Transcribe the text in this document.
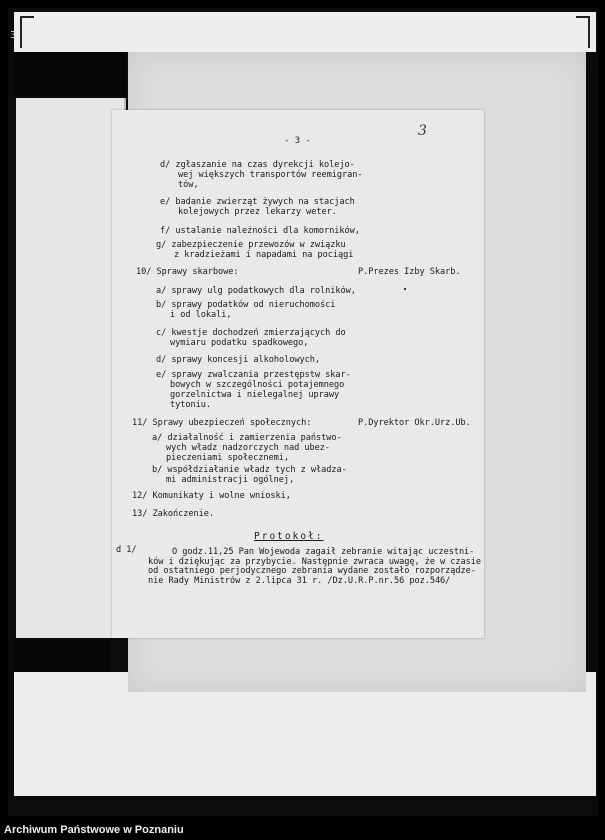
3
- 3 -
3
d/ zgłaszanie na czas dyrekcji kolejo-
wej większych transportów reemigran-
tów,
e/ badanie zwierząt żywych na stacjach
kolejowych przez lekarzy weter.
f/ ustalanie należności dla komorników,
g/ zabezpieczenie przewozów w związku
z kradzieżami i napadami na pociągi
10/ Sprawy skarbowe:	P.Prezes Izby Skarb.
a/ sprawy ulg podatkowych dla rolników,
b/ sprawy podatków od nieruchomości
i od lokali,
c/ kwestje dochodzeń zmierzających do
wymiaru podatku spadkowego,
d/ sprawy koncesji alkoholowych,
e/ sprawy zwalczania przestępstw skar-
bowych w szczególności potajemnego
gorzelnictwa i nielegalnej uprawy
tytoniu.
11/ Sprawy ubezpieczeń społecznych:	P.Dyrektor Okr.Urz.Ub.
a/ działalność i zamierzenia państwo-
wych władz nadzorczych nad ubez-
pieczeniami społecznemi,
b/ współdziałanie władz tych z władza-
mi administracji ogólnej,
12/ Komunikaty i wolne wnioski,
13/ Zakończenie.
Protokoł:
d 1/	O godz.11,25 Pan Wojewoda zagaił zebranie witając uczestni-
ków i dziękując za przybycie. Następnie zwraca uwagę, że w czasie
od ostatniego perjodycznego zebrania wydane zostało rozporządze-
nie Rady Ministrów z 2.lipca 31 r. /Dz.U.R.P.nr.56 poz.546/
Archiwum Państwowe w Poznaniu
